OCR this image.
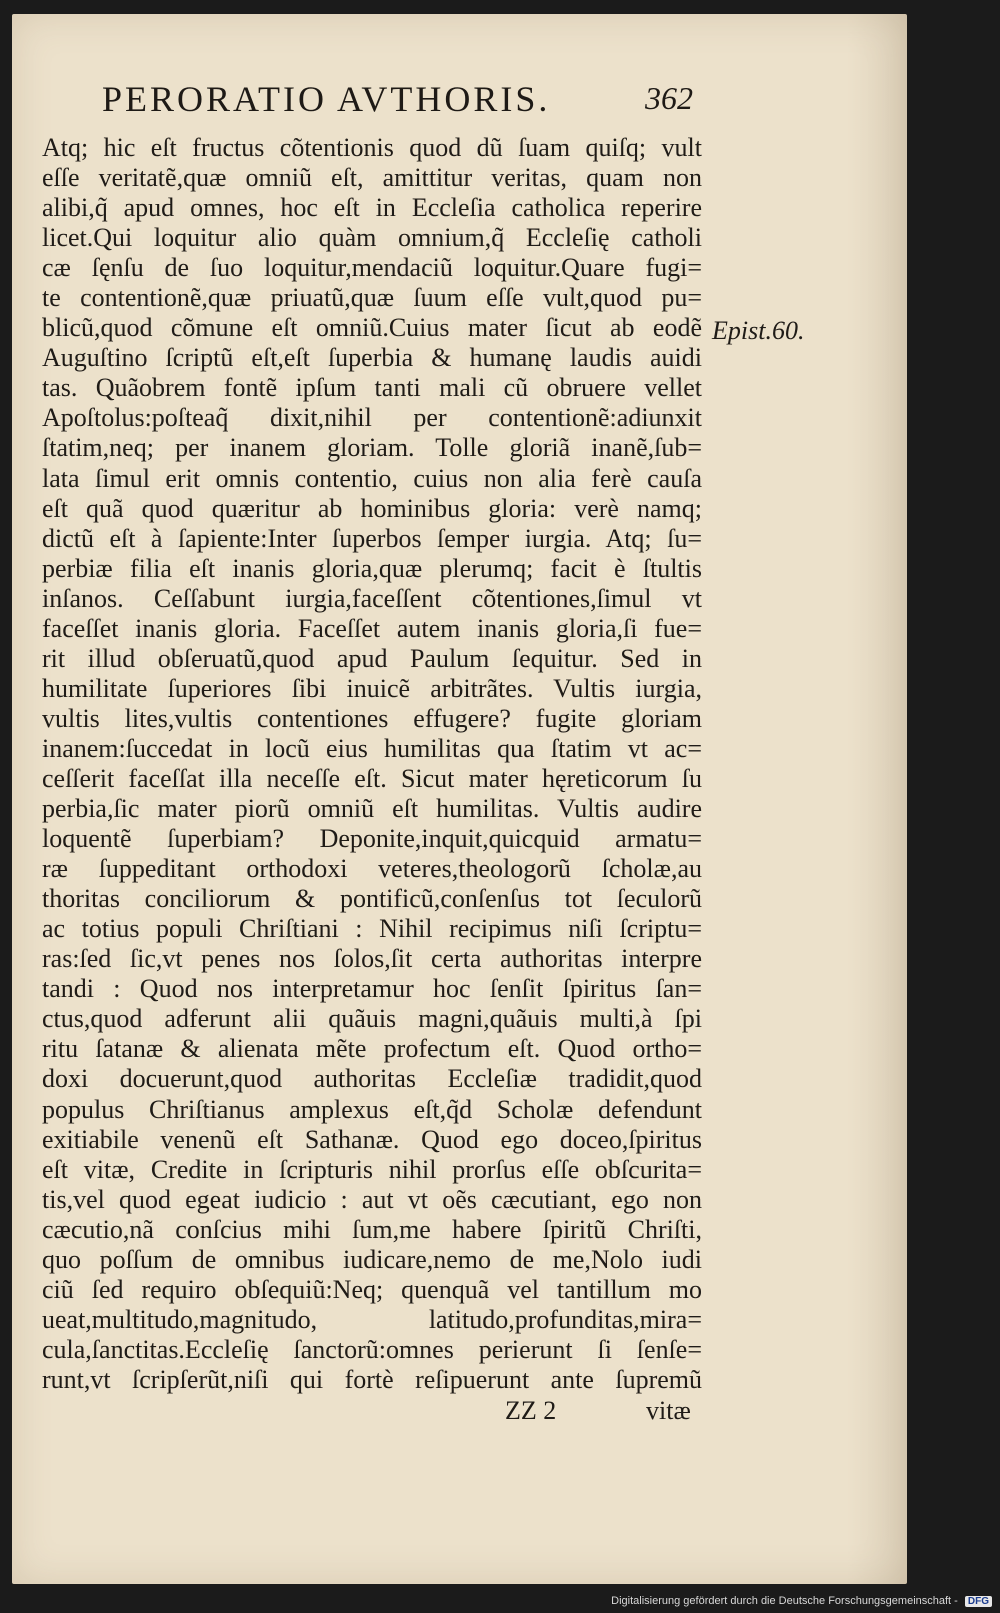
PERORATIO AVTHORIS.	362
Atq; hic eſt fructus cõtentionis quod dũ ſuam quiſq; vult
eſſe veritatẽ,quæ omniũ eſt, amittitur veritas, quam non
alibi,q̃ apud omnes, hoc eſt in Eccleſia catholica reperire
licet.Qui loquitur alio quàm omnium,q̃ Eccleſię catholi
cæ ſęnſu de ſuo loquitur,mendaciũ loquitur.Quare fugi=
te contentionẽ,quæ priuatũ,quæ ſuum eſſe vult,quod pu=
blicũ,quod cõmune eſt omniũ.Cuius mater ſicut ab eodẽ
Auguſtino ſcriptũ eſt,eſt ſuperbia & humanę laudis auidi
tas. Quãobrem fontẽ ipſum tanti mali cũ obruere vellet
Apoſtolus:poſteaq̃ dixit,nihil per contentionẽ:adiunxit
ſtatim,neq; per inanem gloriam. Tolle gloriã inanẽ,ſub=
lata ſimul erit omnis contentio, cuius non alia ferè cauſa
eſt quã quod quæritur ab hominibus gloria: verè namq;
dictũ eſt à ſapiente:Inter ſuperbos ſemper iurgia. Atq; ſu=
perbiæ filia eſt inanis gloria,quæ plerumq; facit è ſtultis
inſanos. Ceſſabunt iurgia,faceſſent cõtentiones,ſimul vt
faceſſet inanis gloria. Faceſſet autem inanis gloria,ſi fue=
rit illud obſeruatũ,quod apud Paulum ſequitur. Sed in
humilitate ſuperiores ſibi inuicẽ arbitrãtes. Vultis iurgia,
vultis lites,vultis contentiones effugere? fugite gloriam
inanem:ſuccedat in locũ eius humilitas qua ſtatim vt ac=
ceſſerit faceſſat illa neceſſe eſt. Sicut mater hęreticorum ſu
perbia,ſic mater piorũ omniũ eſt humilitas. Vultis audire
loquentẽ ſuperbiam? Deponite,inquit,quicquid armatu=
ræ ſuppeditant orthodoxi veteres,theologorũ ſcholæ,au
thoritas conciliorum & pontificũ,conſenſus tot ſeculorũ
ac totius populi Chriſtiani : Nihil recipimus niſi ſcriptu=
ras:ſed ſic,vt penes nos ſolos,ſit certa authoritas interpre
tandi : Quod nos interpretamur hoc ſenſit ſpiritus ſan=
ctus,quod adferunt alii quãuis magni,quãuis multi,à ſpi
ritu ſatanæ & alienata mẽte profectum eſt. Quod ortho=
doxi docuerunt,quod authoritas Eccleſiæ tradidit,quod
populus Chriſtianus amplexus eſt,q̃d Scholæ defendunt
exitiabile venenũ eſt Sathanæ. Quod ego doceo,ſpiritus
eſt vitæ, Credite in ſcripturis nihil prorſus eſſe obſcurita=
tis,vel quod egeat iudicio : aut vt oẽs cæcutiant, ego non
cæcutio,nã conſcius mihi ſum,me habere ſpiritũ Chriſti,
quo poſſum de omnibus iudicare,nemo de me,Nolo iudi
ciũ ſed requiro obſequiũ:Neq; quenquã vel tantillum mo
ueat,multitudo,magnitudo, latitudo,profunditas,mira=
cula,ſanctitas.Eccleſię ſanctorũ:omnes perierunt ſi ſenſe=
runt,vt ſcripſerũt,niſi qui fortè reſipuerunt ante ſupremũ
Epist.60.
ZZ 2	vitæ
Digitalisierung gefördert durch die Deutsche Forschungsgemeinschaft - DFG
